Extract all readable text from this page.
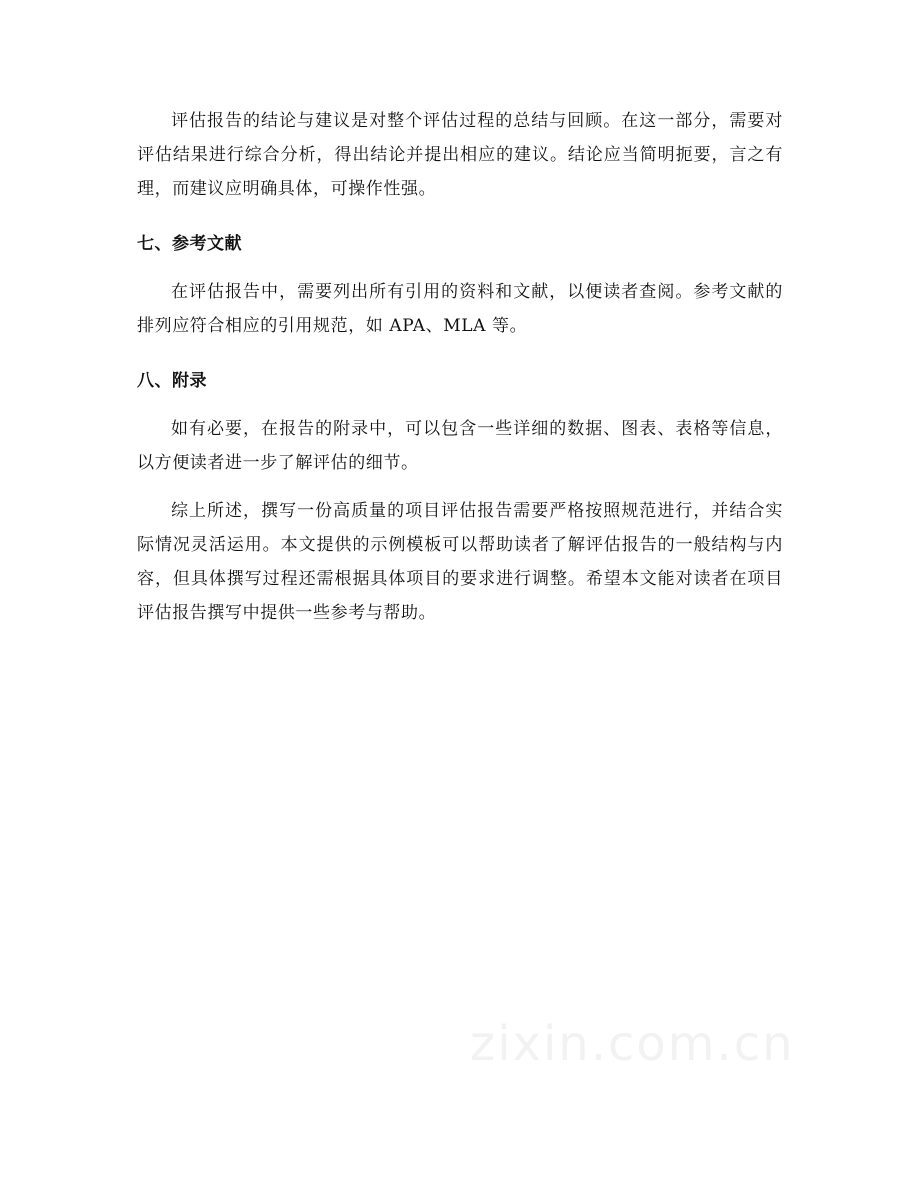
评估报告的结论与建议是对整个评估过程的总结与回顾。在这一部分，需要对评估结果进行综合分析，得出结论并提出相应的建议。结论应当简明扼要，言之有理，而建议应明确具体，可操作性强。

七、参考文献

在评估报告中，需要列出所有引用的资料和文献，以便读者查阅。参考文献的排列应符合相应的引用规范，如 APA、MLA 等。

八、附录

如有必要，在报告的附录中，可以包含一些详细的数据、图表、表格等信息，以方便读者进一步了解评估的细节。

综上所述，撰写一份高质量的项目评估报告需要严格按照规范进行，并结合实际情况灵活运用。本文提供的示例模板可以帮助读者了解评估报告的一般结构与内容，但具体撰写过程还需根据具体项目的要求进行调整。希望本文能对读者在项目评估报告撰写中提供一些参考与帮助。

zixin.com.cn
